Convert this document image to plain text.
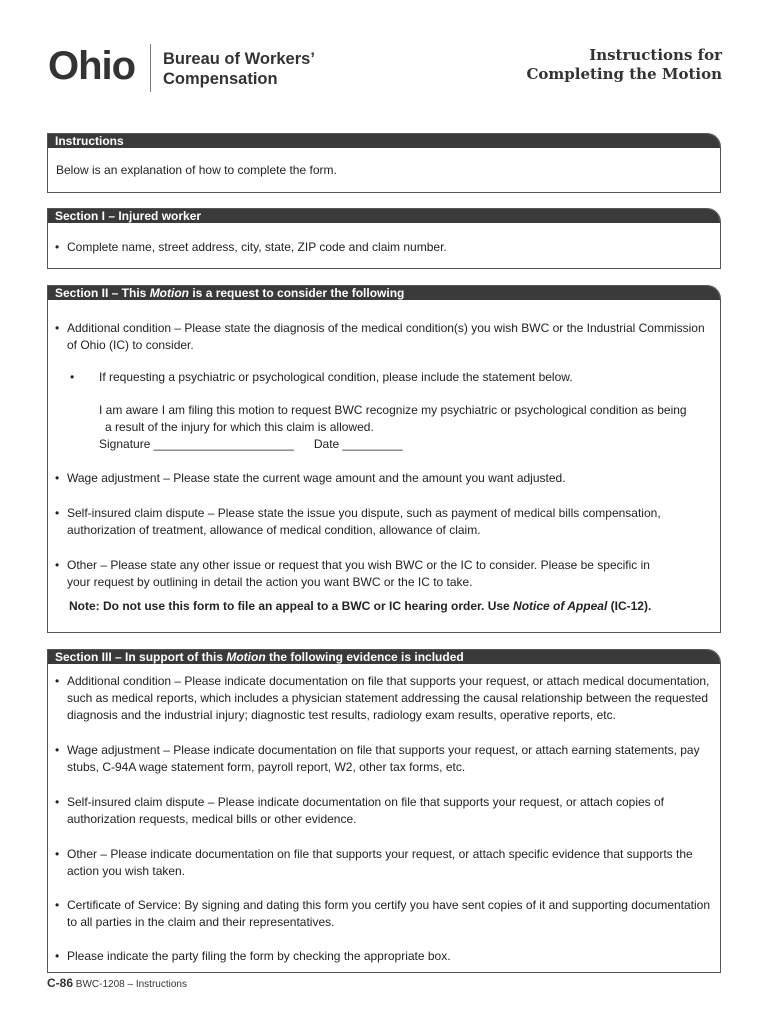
Ohio Bureau of Workers’
Compensation
Instructions for
Completing the Motion
Instructions
Below is an explanation of how to complete the form.
Section I – Injured worker
• Complete name, street address, city, state, ZIP code and claim number.
Section II – This Motion is a request to consider the following
• Additional condition – Please state the diagnosis of the medical condition(s) you wish BWC or the Industrial Commission
of Ohio (IC) to consider.
•	If requesting a psychiatric or psychological condition, please include the statement below.
I am aware I am filing this motion to request BWC recognize my psychiatric or psychological condition as being
a result of the injury for which this claim is allowed.
Signature _____________________ Date _________
• Wage adjustment – Please state the current wage amount and the amount you want adjusted.
• Self-insured claim dispute – Please state the issue you dispute, such as payment of medical bills compensation,
authorization of treatment, allowance of medical condition, allowance of claim.
• Other – Please state any other issue or request that you wish BWC or the IC to consider. Please be specific in
your request by outlining in detail the action you want BWC or the IC to take.
Note: Do not use this form to file an appeal to a BWC or IC hearing order. Use Notice of Appeal (IC-12).
Section III – In support of this Motion the following evidence is included
• Additional condition – Please indicate documentation on file that supports your request, or attach medical documentation,
such as medical reports, which includes a physician statement addressing the causal relationship between the requested
diagnosis and the industrial injury; diagnostic test results, radiology exam results, operative reports, etc.
• Wage adjustment – Please indicate documentation on file that supports your request, or attach earning statements, pay
stubs, C-94A wage statement form, payroll report, W2, other tax forms, etc.
• Self-insured claim dispute – Please indicate documentation on file that supports your request, or attach copies of
authorization requests, medical bills or other evidence.
• Other – Please indicate documentation on file that supports your request, or attach specific evidence that supports the
action you wish taken.
• Certificate of Service: By signing and dating this form you certify you have sent copies of it and supporting documentation
to all parties in the claim and their representatives.
• Please indicate the party filing the form by checking the appropriate box.
C-86 BWC-1208 – Instructions
